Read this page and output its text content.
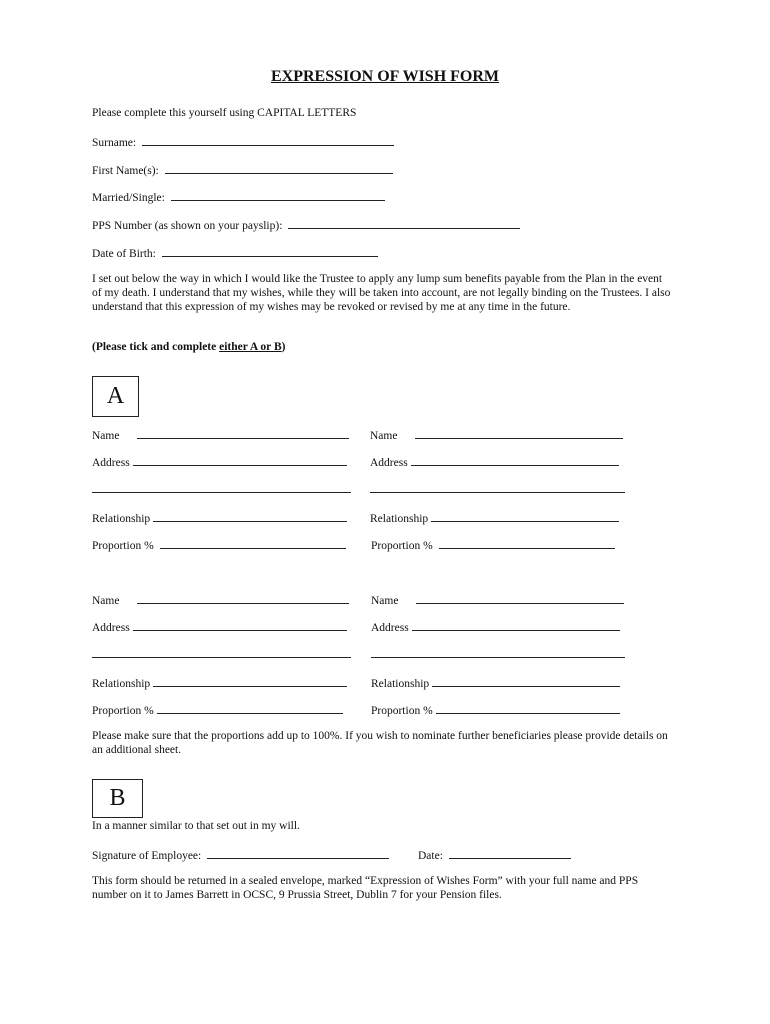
EXPRESSION OF WISH FORM
Please complete this yourself using CAPITAL LETTERS
Surname:
First Name(s):
Married/Single:
PPS Number (as shown on your payslip):
Date of Birth:
I set out below the way in which I would like the Trustee to apply any lump sum benefits payable from the Plan in the event of my death. I understand that my wishes, while they will be taken into account, are not legally binding on the Trustees. I also understand that this expression of my wishes may be revoked or revised by me at any time in the future.
(Please tick and complete either A or B)
A
Name
Address
Relationship
Proportion %
Name
Address
Relationship
Proportion %
Name
Address
Relationship
Proportion %
Name
Address
Relationship
Proportion %
Please make sure that the proportions add up to 100%. If you wish to nominate further beneficiaries please provide details on an additional sheet.
B
In a manner similar to that set out in my will.
Signature of Employee:	Date:
This form should be returned in a sealed envelope, marked “Expression of Wishes Form” with your full name and PPS number on it to James Barrett in OCSC, 9 Prussia Street, Dublin 7 for your Pension files.
